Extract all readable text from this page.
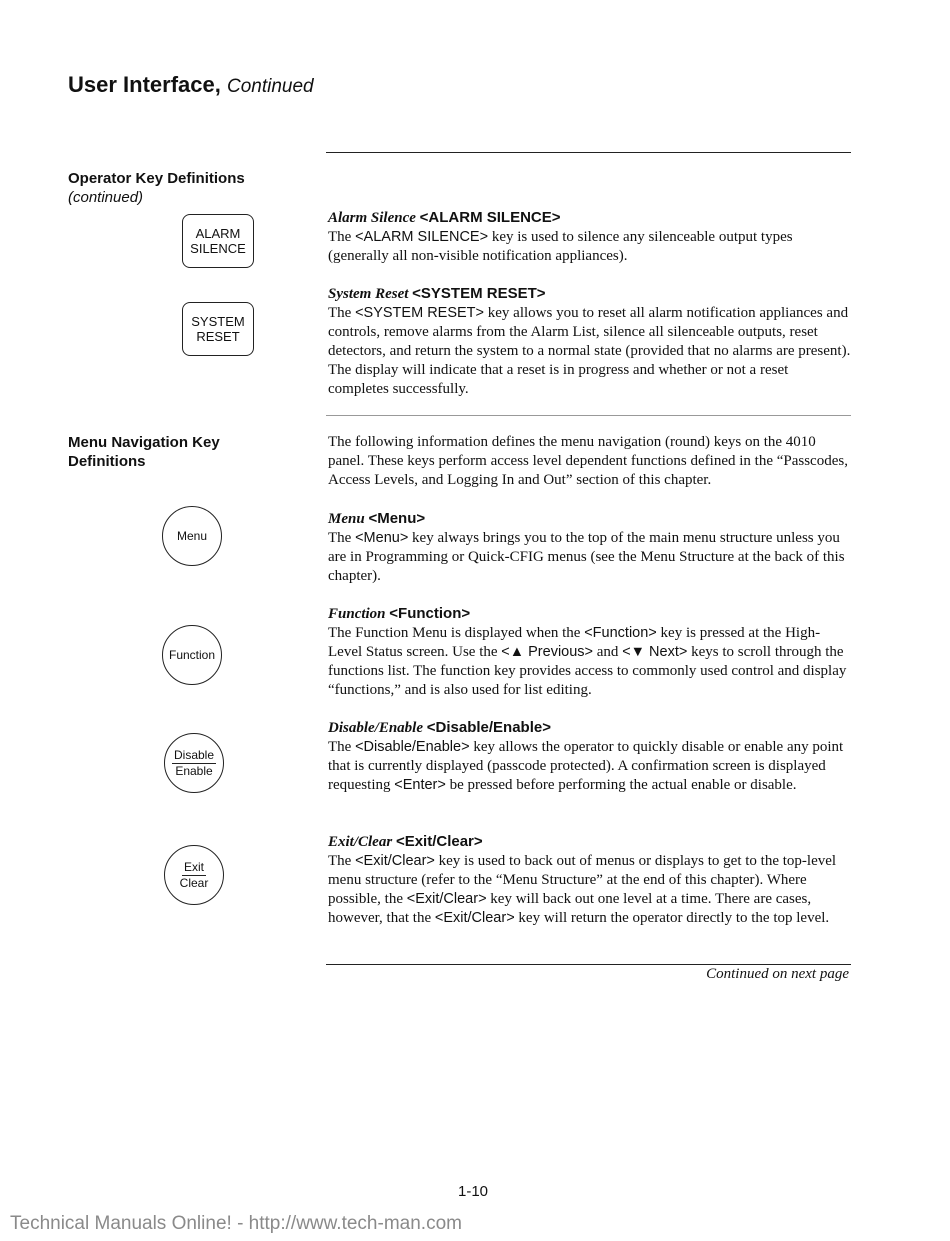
User Interface, Continued
Operator Key Definitions
(continued)
ALARM
SILENCE
SYSTEM
RESET
Alarm Silence <ALARM SILENCE>

The <ALARM SILENCE> key is used to silence any silenceable output types (generally all non-visible notification appliances).

System Reset <SYSTEM RESET>

The <SYSTEM RESET> key allows you to reset all alarm notification appliances and controls, remove alarms from the Alarm List, silence all silenceable outputs, reset detectors, and return the system to a normal state (provided that no alarms are present). The display will indicate that a reset is in progress and whether or not a reset completes successfully.

Menu Navigation Key Definitions

The following information defines the menu navigation (round) keys on the 4010 panel. These keys perform access level dependent functions defined in the “Passcodes, Access Levels, and Logging In and Out” section of this chapter.

Menu
Function
Disable
Enable
Exit
Clear
Menu <Menu>

The <Menu> key always brings you to the top of the main menu structure unless you are in Programming or Quick-CFIG menus (see the Menu Structure at the back of this chapter).

Function <Function>

The Function Menu is displayed when the <Function> key is pressed at the High-Level Status screen. Use the <▲ Previous> and <▼ Next> keys to scroll through the functions list. The function key provides access to commonly used control and display “functions,” and is also used for list editing.

Disable/Enable <Disable/Enable>

The <Disable/Enable> key allows the operator to quickly disable or enable any point that is currently displayed (passcode protected). A confirmation screen is displayed requesting <Enter> be pressed before performing the actual enable or disable.

Exit/Clear <Exit/Clear>

The <Exit/Clear> key is used to back out of menus or displays to get to the top-level menu structure (refer to the “Menu Structure” at the end of this chapter). Where possible, the <Exit/Clear> key will back out one level at a time. There are cases, however, that the <Exit/Clear> key will return the operator directly to the top level.

Continued on next page
1-10
Technical Manuals Online! - http://www.tech-man.com
